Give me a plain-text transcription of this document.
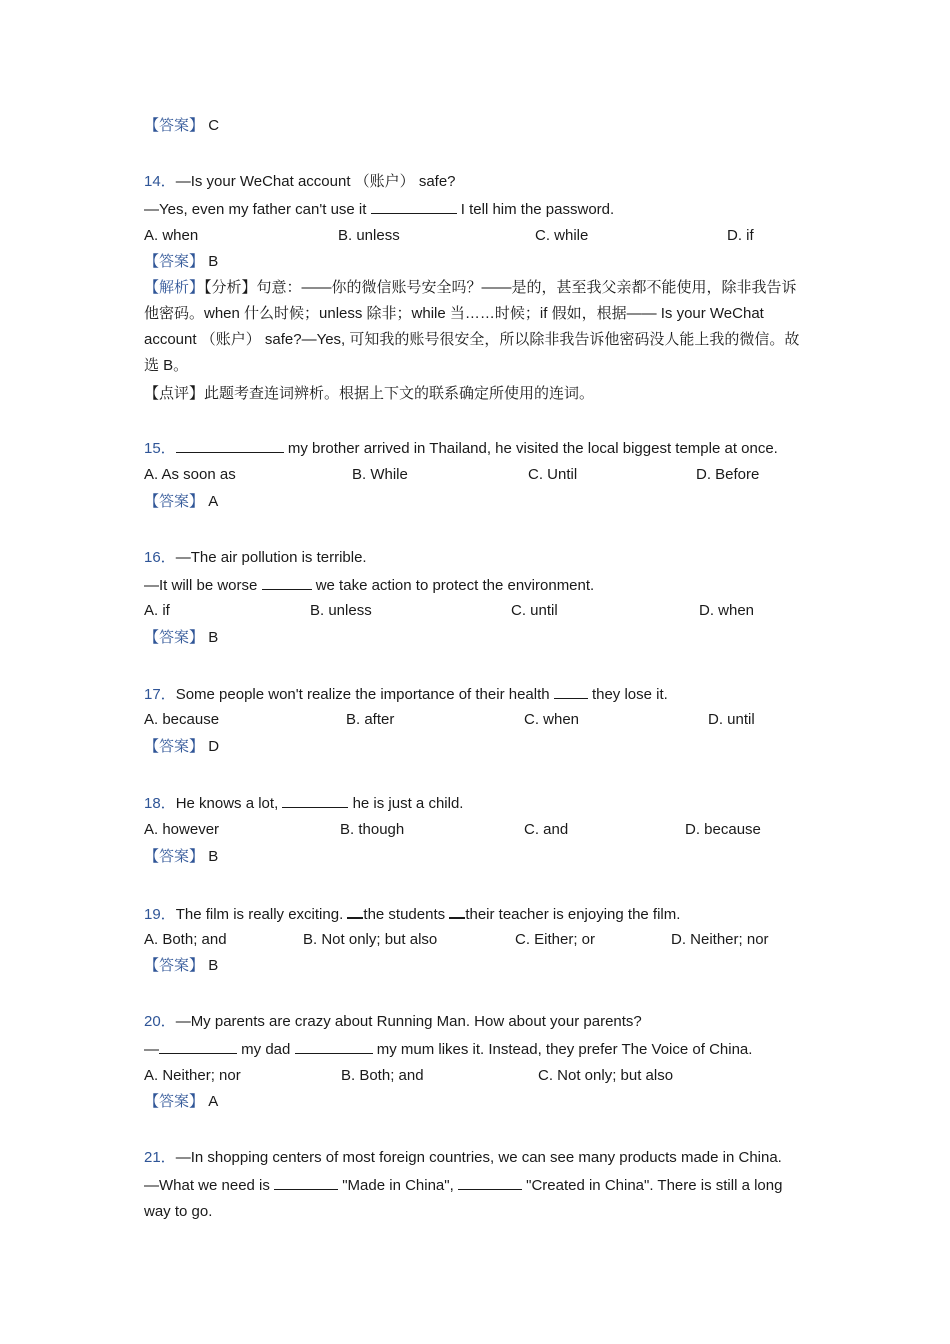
【答案】 C
14．—Is your WeChat account （账户） safe?
—Yes, even my father can't use it	I tell him the password.
A. when	B. unless	C. while	D. if
【答案】 B
【解析】【分析】句意：——你的微信账号安全吗？——是的，甚至我父亲都不能使用，除非我告诉他密码。when 什么时候；unless 除非；while 当……时候；if 假如，根据—— Is your WeChat account （账户） safe?—Yes, 可知我的账号很安全，所以除非我告诉他密码没人能上我的微信。故选 B。
【点评】此题考查连词辨析。根据上下文的联系确定所使用的连词。
15．	my brother arrived in Thailand, he visited the local biggest temple at once.
A. As soon as	B. While	C. Until	D. Before
【答案】 A
16．—The air pollution is terrible.
—It will be worse	we take action to protect the environment.
A. if	B. unless	C. until	D. when
【答案】 B
17．Some people won't realize the importance of their health  they lose it.
A. because	B. after	C. when	D. until
【答案】 D
18．He knows a lot,	he is just a child.
A. however	B. though	C. and	D. because
【答案】 B
19．The film is really exciting. the students their teacher is enjoying the film.
A. Both; and	B. Not only; but also	C. Either; or	D. Neither; nor
【答案】 B
20．—My parents are crazy about Running Man. How about your parents?
—	my dad	my mum likes it. Instead, they prefer The Voice of China.
A. Neither; nor	B. Both; and	C. Not only; but also
【答案】 A
21．—In shopping centers of most foreign countries, we can see many products made in China.
—What we need is	"Made in China",	"Created in China". There is still a long
way to go.
